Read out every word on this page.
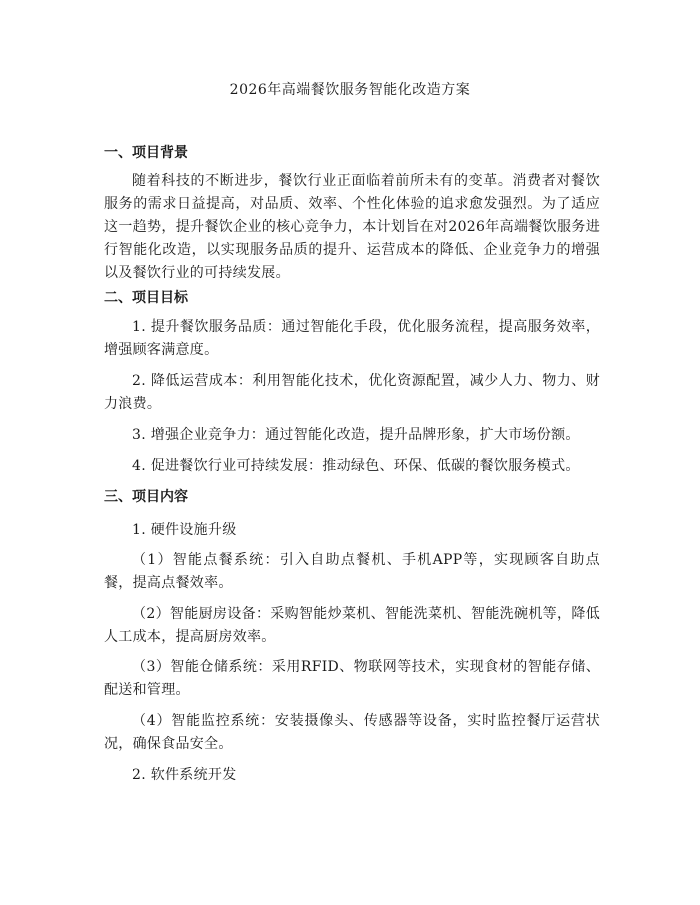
2026年高端餐饮服务智能化改造方案
一、项目背景
随着科技的不断进步，餐饮行业正面临着前所未有的变革。消费者对餐饮服务的需求日益提高，对品质、效率、个性化体验的追求愈发强烈。为了适应这一趋势，提升餐饮企业的核心竞争力，本计划旨在对2026年高端餐饮服务进行智能化改造，以实现服务品质的提升、运营成本的降低、企业竞争力的增强以及餐饮行业的可持续发展。
二、项目目标
1. 提升餐饮服务品质：通过智能化手段，优化服务流程，提高服务效率，增强顾客满意度。
2. 降低运营成本：利用智能化技术，优化资源配置，减少人力、物力、财力浪费。
3. 增强企业竞争力：通过智能化改造，提升品牌形象，扩大市场份额。
4. 促进餐饮行业可持续发展：推动绿色、环保、低碳的餐饮服务模式。
三、项目内容
1. 硬件设施升级
（1）智能点餐系统：引入自助点餐机、手机APP等，实现顾客自助点餐，提高点餐效率。
（2）智能厨房设备：采购智能炒菜机、智能洗菜机、智能洗碗机等，降低人工成本，提高厨房效率。
（3）智能仓储系统：采用RFID、物联网等技术，实现食材的智能存储、配送和管理。
（4）智能监控系统：安装摄像头、传感器等设备，实时监控餐厅运营状况，确保食品安全。
2. 软件系统开发
